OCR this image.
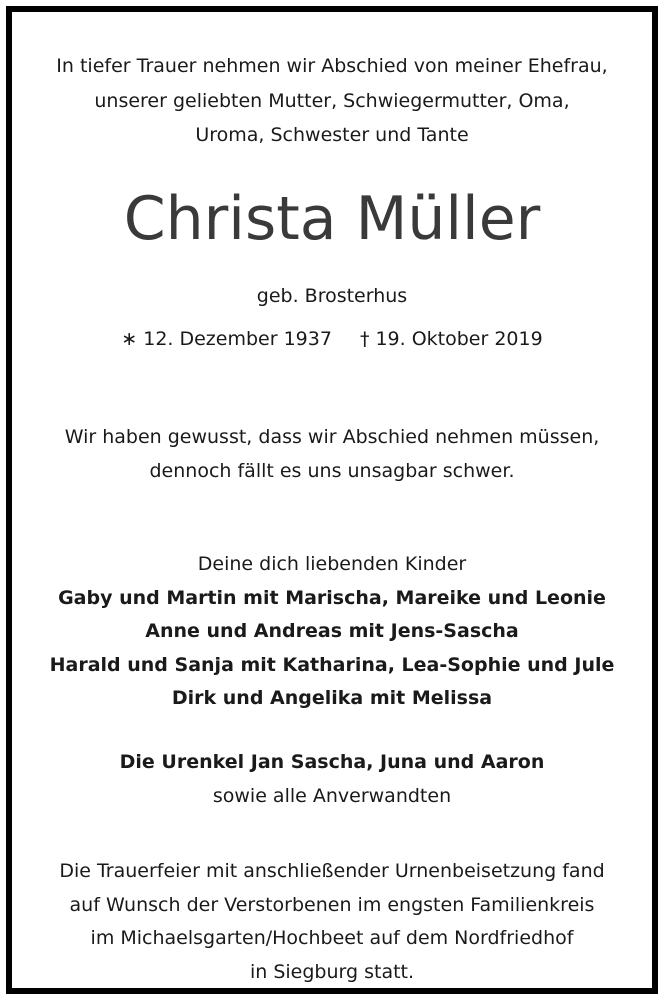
In tiefer Trauer nehmen wir Abschied von meiner Ehefrau,
unserer geliebten Mutter, Schwiegermutter, Oma,
Uroma, Schwester und Tante
Christa Müller
geb. Brosterhus
∗ 12. Dezember 1937 † 19. Oktober 2019
Wir haben gewusst, dass wir Abschied nehmen müssen,
dennoch fällt es uns unsagbar schwer.
Deine dich liebenden Kinder
Gaby und Martin mit Marischa, Mareike und Leonie
Anne und Andreas mit Jens-Sascha
Harald und Sanja mit Katharina, Lea-Sophie und Jule
Dirk und Angelika mit Melissa
Die Urenkel Jan Sascha, Juna und Aaron
sowie alle Anverwandten
Die Trauerfeier mit anschließender Urnenbeisetzung fand
auf Wunsch der Verstorbenen im engsten Familienkreis
im Michaelsgarten/Hochbeet auf dem Nordfriedhof
in Siegburg statt.
